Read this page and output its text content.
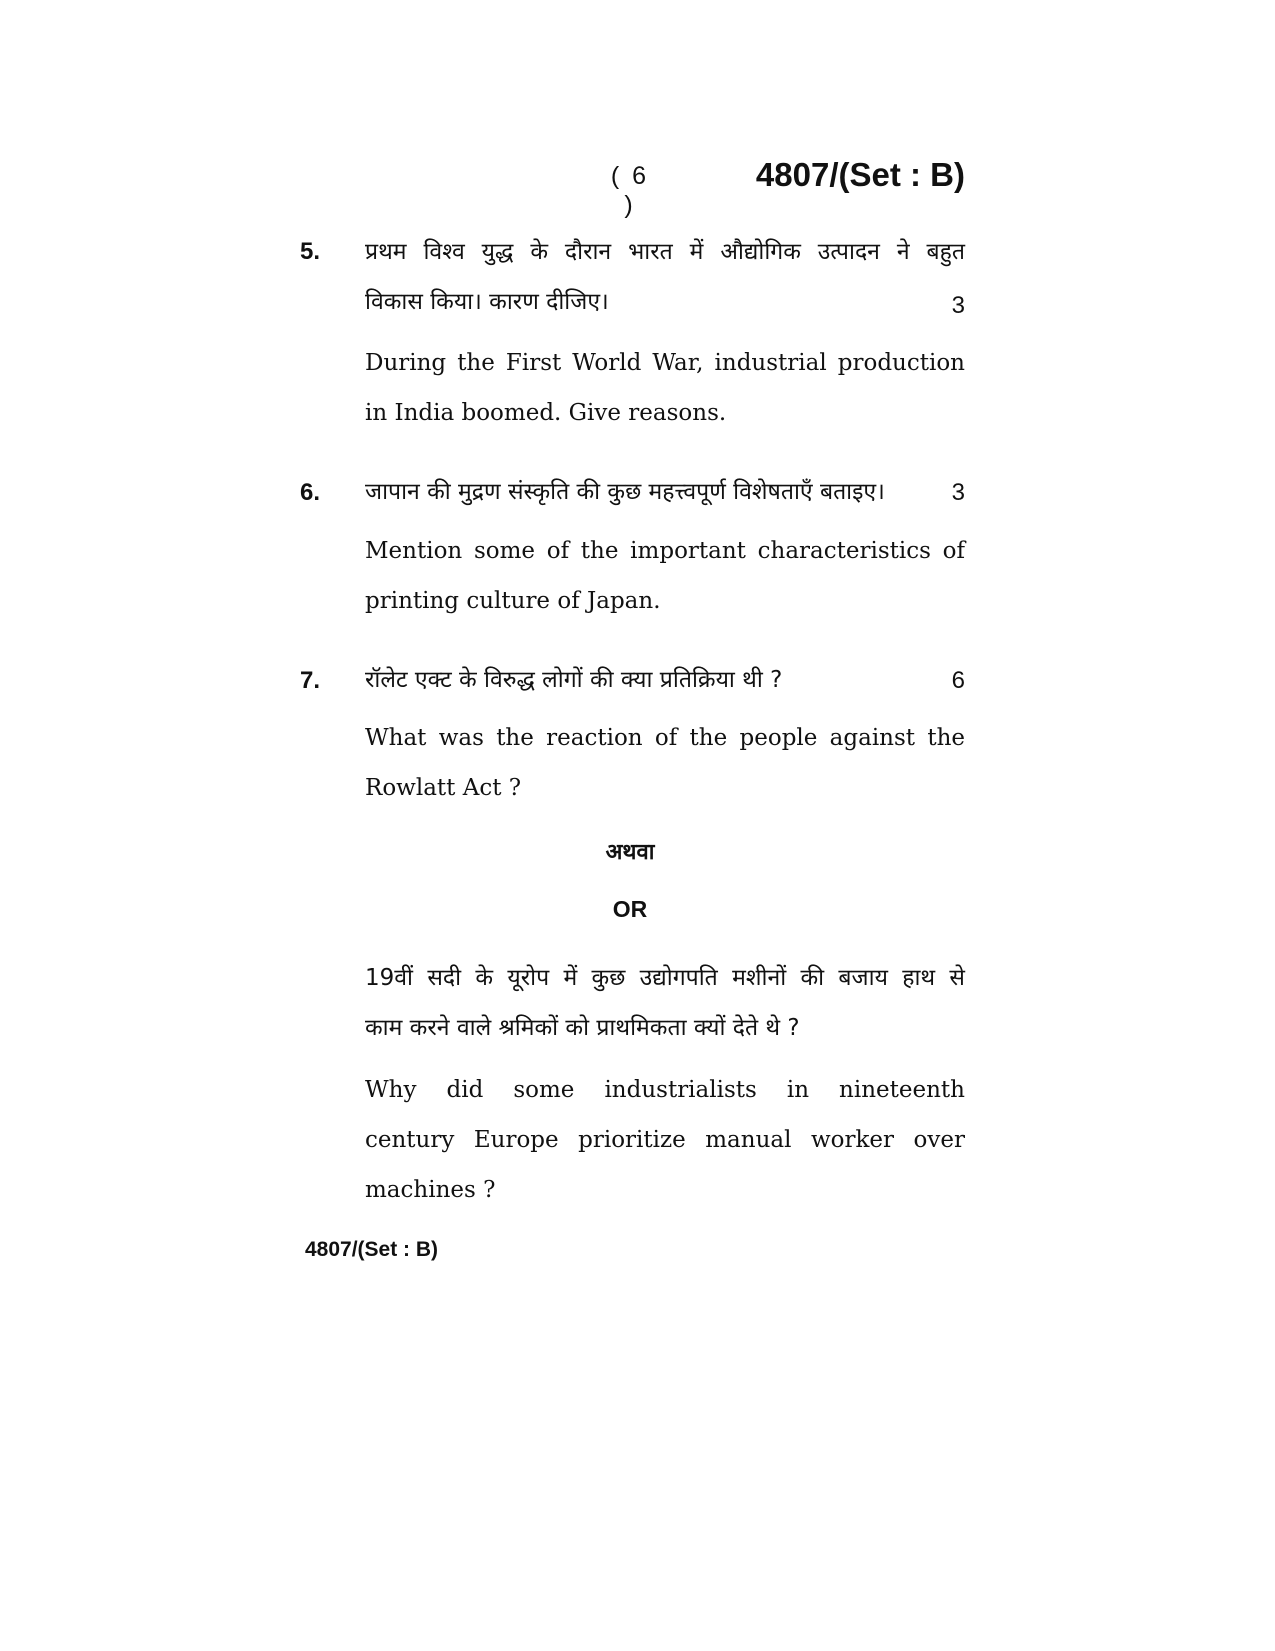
( 6 )
4807/(Set : B)
5.	प्रथम विश्व युद्ध के दौरान भारत में औद्योगिक उत्पादन ने बहुत
विकास किया। कारण दीजिए।	3
During the First World War, industrial production
in India boomed. Give reasons.
6.	जापान की मुद्रण संस्कृति की कुछ महत्त्वपूर्ण विशेषताएँ बताइए।	3
Mention some of the important characteristics of
printing culture of Japan.
7.	रॉलेट एक्ट के विरुद्ध लोगों की क्या प्रतिक्रिया थी ?	6
What was the reaction of the people against the
Rowlatt Act ?
अथवा
OR
19वीं सदी के यूरोप में कुछ उद्योगपति मशीनों की बजाय हाथ से
काम करने वाले श्रमिकों को प्राथमिकता क्यों देते थे ?
Why did some industrialists in nineteenth
century Europe prioritize manual worker over
machines ?
4807/(Set : B)
